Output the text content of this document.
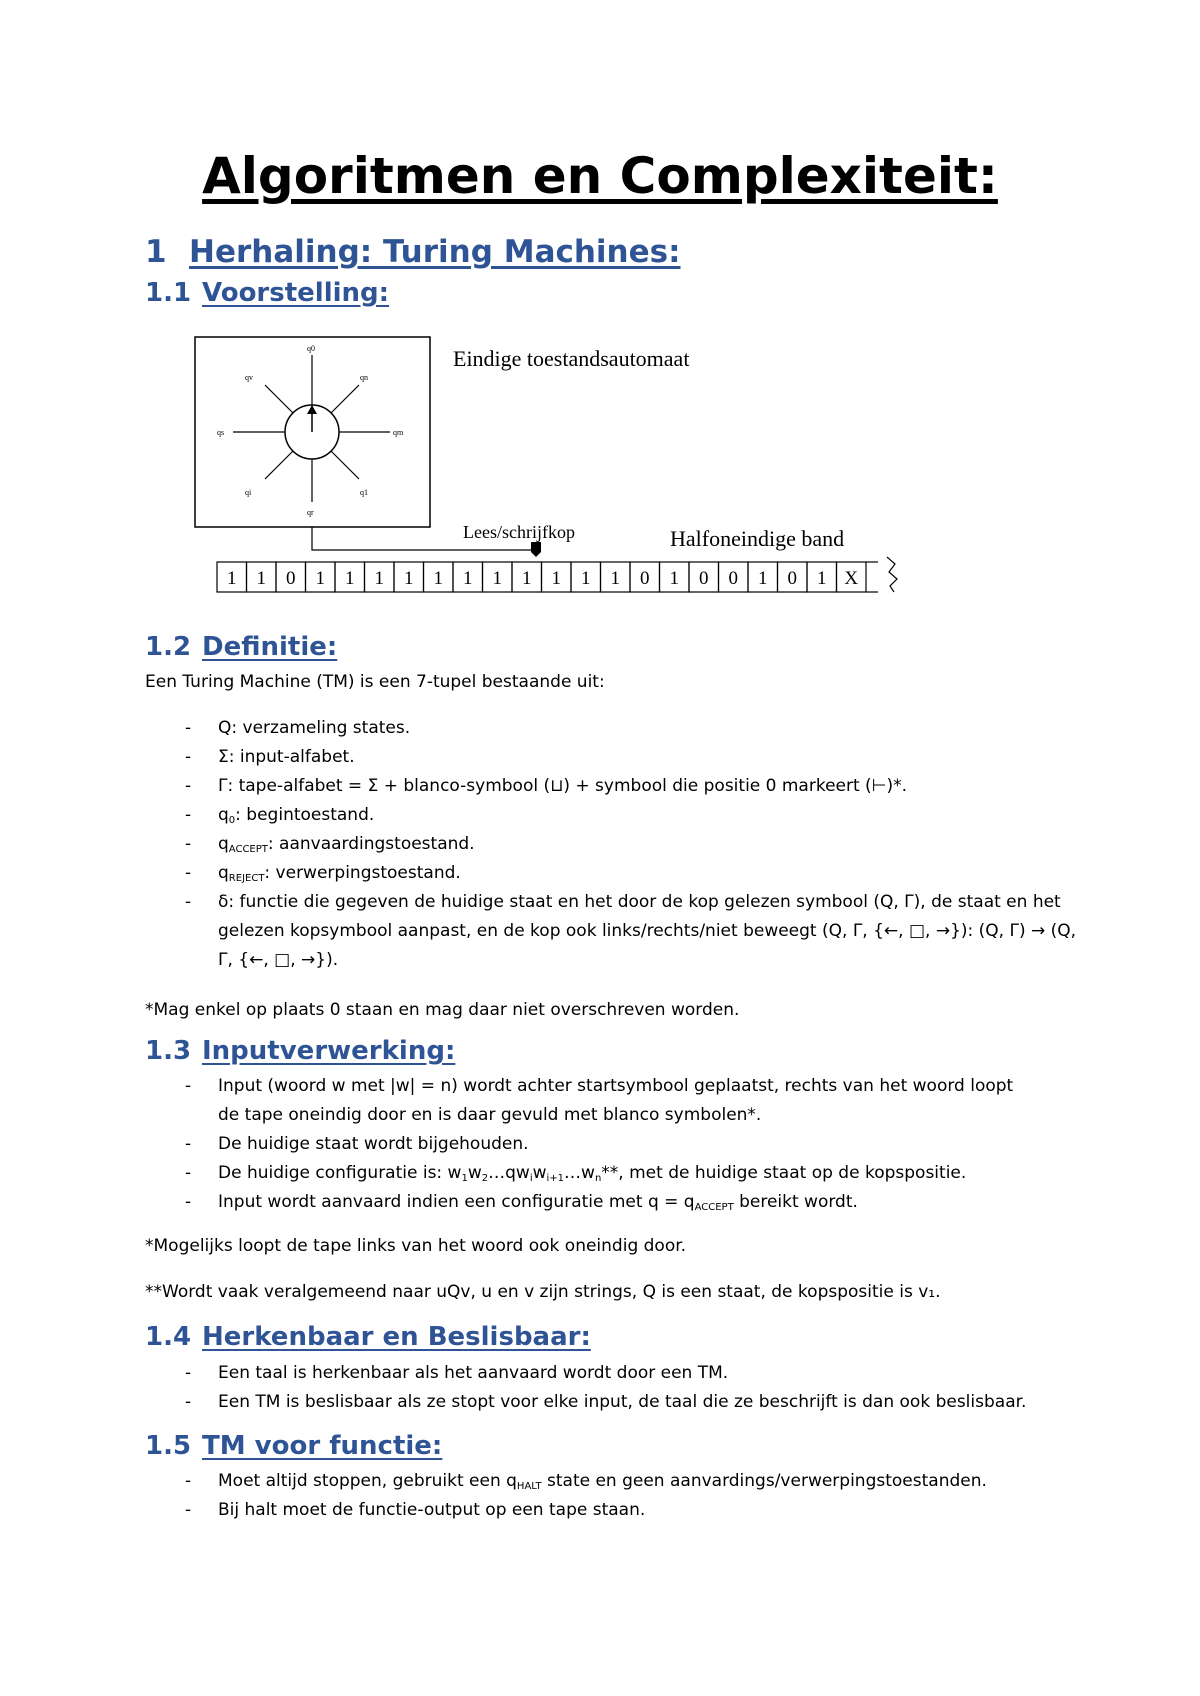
Algoritmen en Complexiteit:
1 Herhaling: Turing Machines:
1.1 Voorstelling:
q0
qn
qm
q1
qr
qi
qs
qv
Eindige toestandsautomaat
Lees/schrijfkop	Halfoneindige band
1 1 0 1 1 1 1 1 1 1 1 1 1 1 0 1 0 0 1 0 1 X
1.2 Definitie:
Een Turing Machine (TM) is een 7-tupel bestaande uit:
- Q: verzameling states.
- Σ: input-alfabet.
- Γ: tape-alfabet = Σ + blanco-symbool (⊔) + symbool die positie 0 markeert (⊢)*.
- $q_0$: begintoestand.
- $q_{ACCEPT}$: aanvaardingstoestand.
- $q_{REJECT}$: verwerpingstoestand.
- δ: functie die gegeven de huidige staat en het door de kop gelezen symbool (Q, Γ), de staat en het gelezen kopsymbool aanpast, en de kop ook links/rechts/niet beweegt (Q, Γ, {←, □, →}): (Q, Γ) → (Q, Γ, {←, □, →}).
*Mag enkel op plaats 0 staan en mag daar niet overschreven worden.
1.3 Inputverwerking:
- Input (woord w met |w| = n) wordt achter startsymbool geplaatst, rechts van het woord loopt de tape oneindig door en is daar gevuld met blanco symbolen*.
- De huidige staat wordt bijgehouden.
- De huidige configuratie is: $w_1w_2\dots qw_iw_{i+1}\dots w_n**$, met de huidige staat op de kopspositie.
- Input wordt aanvaard indien een configuratie met $q = q_{ACCEPT}$ bereikt wordt.
*Mogelijks loopt de tape links van het woord ook oneindig door.
**Wordt vaak veralgemeend naar uQv, u en v zijn strings, Q is een staat, de kopspositie is v₁.
1.4 Herkenbaar en Beslisbaar:
- Een taal is herkenbaar als het aanvaard wordt door een TM.
- Een TM is beslisbaar als ze stopt voor elke input, de taal die ze beschrijft is dan ook beslisbaar.
1.5 TM voor functie:
- Moet altijd stoppen, gebruikt een $q_{HALT}$ state en geen aanvardings/verwerpingstoestanden.
- Bij halt moet de functie-output op een tape staan.
